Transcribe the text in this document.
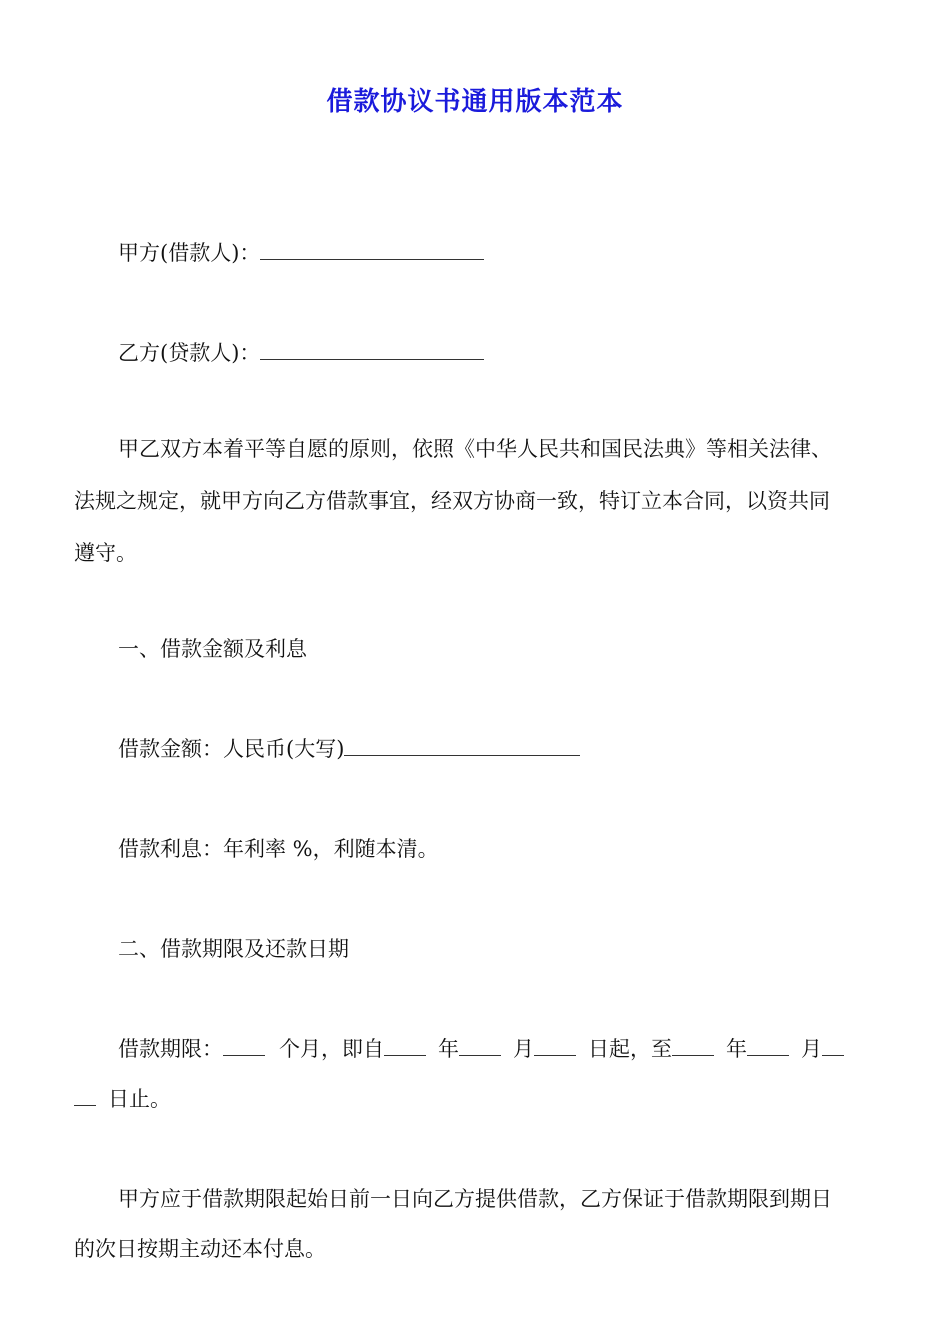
借款协议书通用版本范本
甲方(借款人)：
乙方(贷款人)：
甲乙双方本着平等自愿的原则，依照《中华人民共和国民法典》等相关法律、
法规之规定，就甲方向乙方借款事宜，经双方协商一致，特订立本合同，以资共同
遵守。
一、借款金额及利息
借款金额：人民币(大写)
借款利息：年利率 %，利随本清。
二、借款期限及还款日期
借款期限：	个月，即自	年	月	日起，至	年	月
日止。
甲方应于借款期限起始日前一日向乙方提供借款，乙方保证于借款期限到期日
的次日按期主动还本付息。
